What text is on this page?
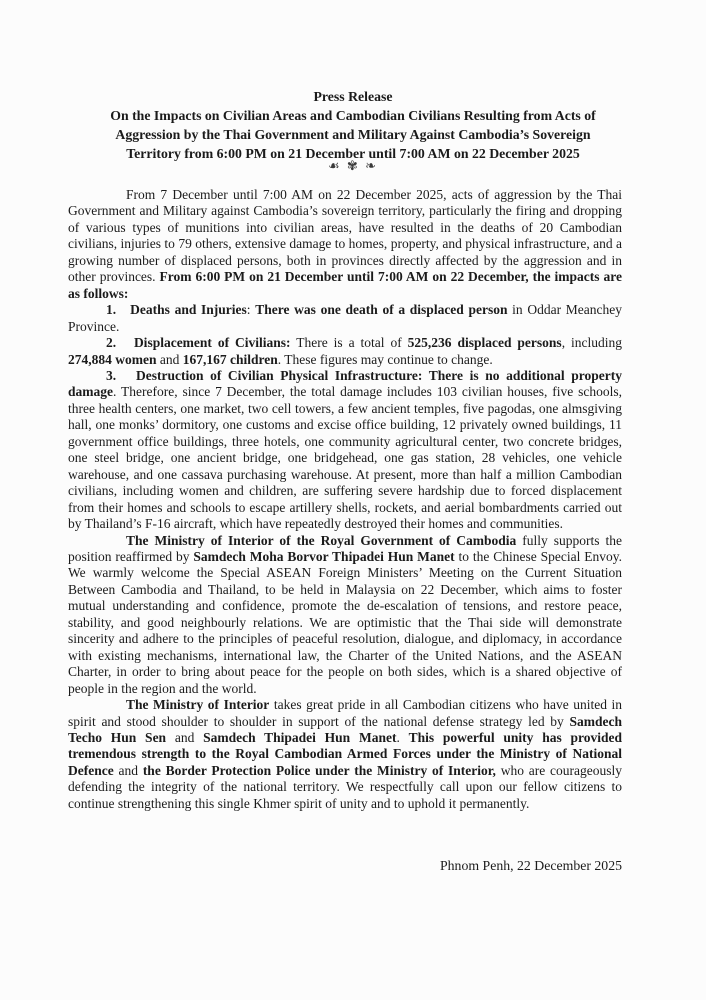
Press Release
On the Impacts on Civilian Areas and Cambodian Civilians Resulting from Acts of
Aggression by the Thai Government and Military Against Cambodia’s Sovereign
Territory from 6:00 PM on 21 December until 7:00 AM on 22 December 2025
☙ ✾ ❧

From 7 December until 7:00 AM on 22 December 2025, acts of aggression by the Thai Government and Military against Cambodia’s sovereign territory, particularly the firing and dropping of various types of munitions into civilian areas, have resulted in the deaths of 20 Cambodian civilians, injuries to 79 others, extensive damage to homes, property, and physical infrastructure, and a growing number of displaced persons, both in provinces directly affected by the aggression and in other provinces. From 6:00 PM on 21 December until 7:00 AM on 22 December, the impacts are as follows:

1.   Deaths and Injuries: There was one death of a displaced person in Oddar Meanchey Province.

2.   Displacement of Civilians: There is a total of 525,236 displaced persons, including 274,884 women and 167,167 children. These figures may continue to change.

3.   Destruction of Civilian Physical Infrastructure: There is no additional property damage. Therefore, since 7 December, the total damage includes 103 civilian houses, five schools, three health centers, one market, two cell towers, a few ancient temples, five pagodas, one almsgiving hall, one monks’ dormitory, one customs and excise office building, 12 privately owned buildings, 11 government office buildings, three hotels, one community agricultural center, two concrete bridges, one steel bridge, one ancient bridge, one bridgehead, one gas station, 28 vehicles, one vehicle warehouse, and one cassava purchasing warehouse. At present, more than half a million Cambodian civilians, including women and children, are suffering severe hardship due to forced displacement from their homes and schools to escape artillery shells, rockets, and aerial bombardments carried out by Thailand’s F-16 aircraft, which have repeatedly destroyed their homes and communities.

The Ministry of Interior of the Royal Government of Cambodia fully supports the position reaffirmed by Samdech Moha Borvor Thipadei Hun Manet to the Chinese Special Envoy. We warmly welcome the Special ASEAN Foreign Ministers’ Meeting on the Current Situation Between Cambodia and Thailand, to be held in Malaysia on 22 December, which aims to foster mutual understanding and confidence, promote the de-escalation of tensions, and restore peace, stability, and good neighbourly relations. We are optimistic that the Thai side will demonstrate sincerity and adhere to the principles of peaceful resolution, dialogue, and diplomacy, in accordance with existing mechanisms, international law, the Charter of the United Nations, and the ASEAN Charter, in order to bring about peace for the people on both sides, which is a shared objective of people in the region and the world.

The Ministry of Interior takes great pride in all Cambodian citizens who have united in spirit and stood shoulder to shoulder in support of the national defense strategy led by Samdech Techo Hun Sen and Samdech Thipadei Hun Manet. This powerful unity has provided tremendous strength to the Royal Cambodian Armed Forces under the Ministry of National Defence and the Border Protection Police under the Ministry of Interior, who are courageously defending the integrity of the national territory. We respectfully call upon our fellow citizens to continue strengthening this single Khmer spirit of unity and to uphold it permanently.

Phnom Penh, 22 December 2025
